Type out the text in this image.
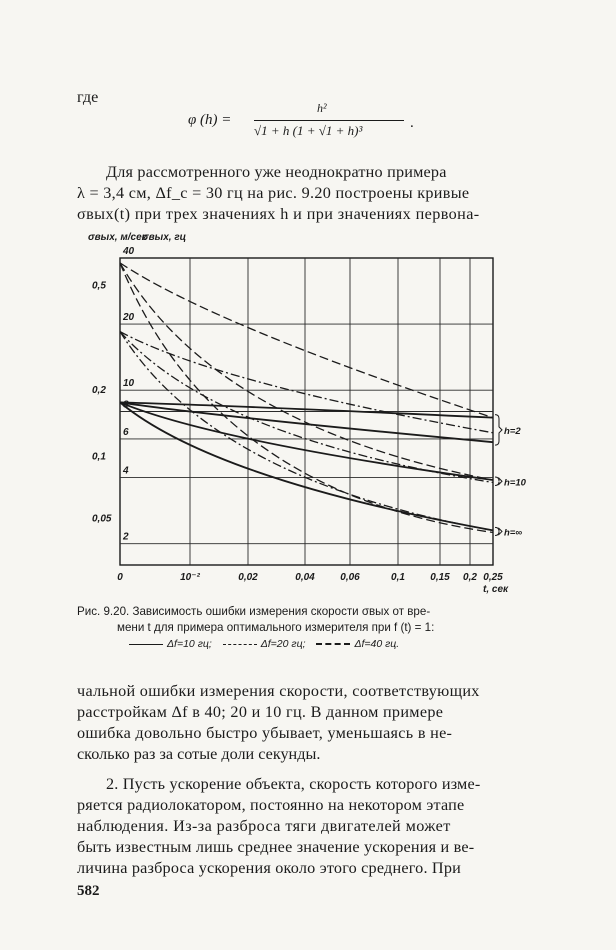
где
φ (h) =
h²
√1 + h (1 + √1 + h)³	.
Для рассмотренного уже неоднократно примера
λ = 3,4 см, Δf_c = 30 гц на рис. 9.20 построены кривые
σвых(t) при трех значениях h и при значениях первона-
0	10⁻²	0,02	0,04	0,06	0,1	0,15 0,2 0,25
t, сек
40
20
10
8
6
4
2
0,5
0,2
0,1
0,05
σвых, м/сек
σвых, гц
h=2
h=10
h=∞
Рис. 9.20. Зависимость ошибки измерения скорости σвых от вре-
мени t для примера оптимального измерителя при f (t) = 1:
Δf=10 гц;	Δf=20 гц;	Δf=40 гц.
чальной ошибки измерения скорости, соответствующих
расстройкам Δf в 40; 20 и 10 гц. В данном примере
ошибка довольно быстро убывает, уменьшаясь в не-
сколько раз за сотые доли секунды.
2. Пусть ускорение объекта, скорость которого изме-
ряется радиолокатором, постоянно на некотором этапе
наблюдения. Из-за разброса тяги двигателей может
быть известным лишь среднее значение ускорения и ве-
личина разброса ускорения около этого среднего. При
582
